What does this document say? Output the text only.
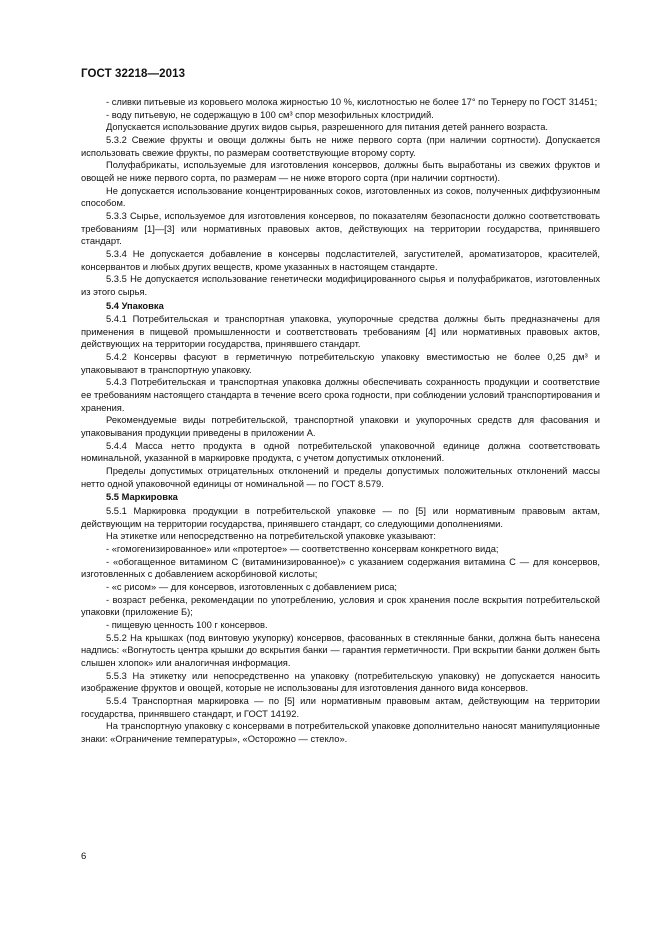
ГОСТ 32218—2013

- сливки питьевые из коровьего молока жирностью 10 %, кислотностью не более 17° по Тернеру по ГОСТ 31451;

- воду питьевую, не содержащую в 100 см³ спор мезофильных клостридий.

Допускается использование других видов сырья, разрешенного для питания детей раннего возраста.

5.3.2 Свежие фрукты и овощи должны быть не ниже первого сорта (при наличии сортности). Допускается использовать свежие фрукты, по размерам соответствующие второму сорту.

Полуфабрикаты, используемые для изготовления консервов, должны быть выработаны из свежих фруктов и овощей не ниже первого сорта, по размерам — не ниже второго сорта (при наличии сортности).

Не допускается использование концентрированных соков, изготовленных из соков, полученных диффузионным способом.

5.3.3 Сырье, используемое для изготовления консервов, по показателям безопасности должно соответствовать требованиям [1]—[3] или нормативных правовых актов, действующих на территории государства, принявшего стандарт.

5.3.4 Не допускается добавление в консервы подсластителей, загустителей, ароматизаторов, красителей, консервантов и любых других веществ, кроме указанных в настоящем стандарте.

5.3.5 Не допускается использование генетически модифицированного сырья и полуфабрикатов, изготовленных из этого сырья.

5.4 Упаковка

5.4.1 Потребительская и транспортная упаковка, укупорочные средства должны быть предназначены для применения в пищевой промышленности и соответствовать требованиям [4] или нормативных правовых актов, действующих на территории государства, принявшего стандарт.

5.4.2 Консервы фасуют в герметичную потребительскую упаковку вместимостью не более 0,25 дм³ и упаковывают в транспортную упаковку.

5.4.3 Потребительская и транспортная упаковка должны обеспечивать сохранность продукции и соответствие ее требованиям настоящего стандарта в течение всего срока годности, при соблюдении условий транспортирования и хранения.

Рекомендуемые виды потребительской, транспортной упаковки и укупорочных средств для фасования и упаковывания продукции приведены в приложении А.

5.4.4 Масса нетто продукта в одной потребительской упаковочной единице должна соответствовать номинальной, указанной в маркировке продукта, с учетом допустимых отклонений.

Пределы допустимых отрицательных отклонений и пределы допустимых положительных отклонений массы нетто одной упаковочной единицы от номинальной — по ГОСТ 8.579.

5.5 Маркировка

5.5.1 Маркировка продукции в потребительской упаковке — по [5] или нормативным правовым актам, действующим на территории государства, принявшего стандарт, со следующими дополнениями.

На этикетке или непосредственно на потребительской упаковке указывают:

- «гомогенизированное» или «протертое» — соответственно консервам конкретного вида;

- «обогащенное витамином С (витаминизированное)» с указанием содержания витамина С — для консервов, изготовленных с добавлением аскорбиновой кислоты;

- «с рисом» — для консервов, изготовленных с добавлением риса;

- возраст ребенка, рекомендации по употреблению, условия и срок хранения после вскрытия потребительской упаковки (приложение Б);

- пищевую ценность 100 г консервов.

5.5.2 На крышках (под винтовую укупорку) консервов, фасованных в стеклянные банки, должна быть нанесена надпись: «Вогнутость центра крышки до вскрытия банки — гарантия герметичности. При вскрытии банки должен быть слышен хлопок» или аналогичная информация.

5.5.3 На этикетку или непосредственно на упаковку (потребительскую упаковку) не допускается наносить изображение фруктов и овощей, которые не использованы для изготовления данного вида консервов.

5.5.4 Транспортная маркировка — по [5] или нормативным правовым актам, действующим на территории государства, принявшего стандарт, и ГОСТ 14192.

На транспортную упаковку с консервами в потребительской упаковке дополнительно наносят манипуляционные знаки: «Ограничение температуры», «Осторожно — стекло».

6
